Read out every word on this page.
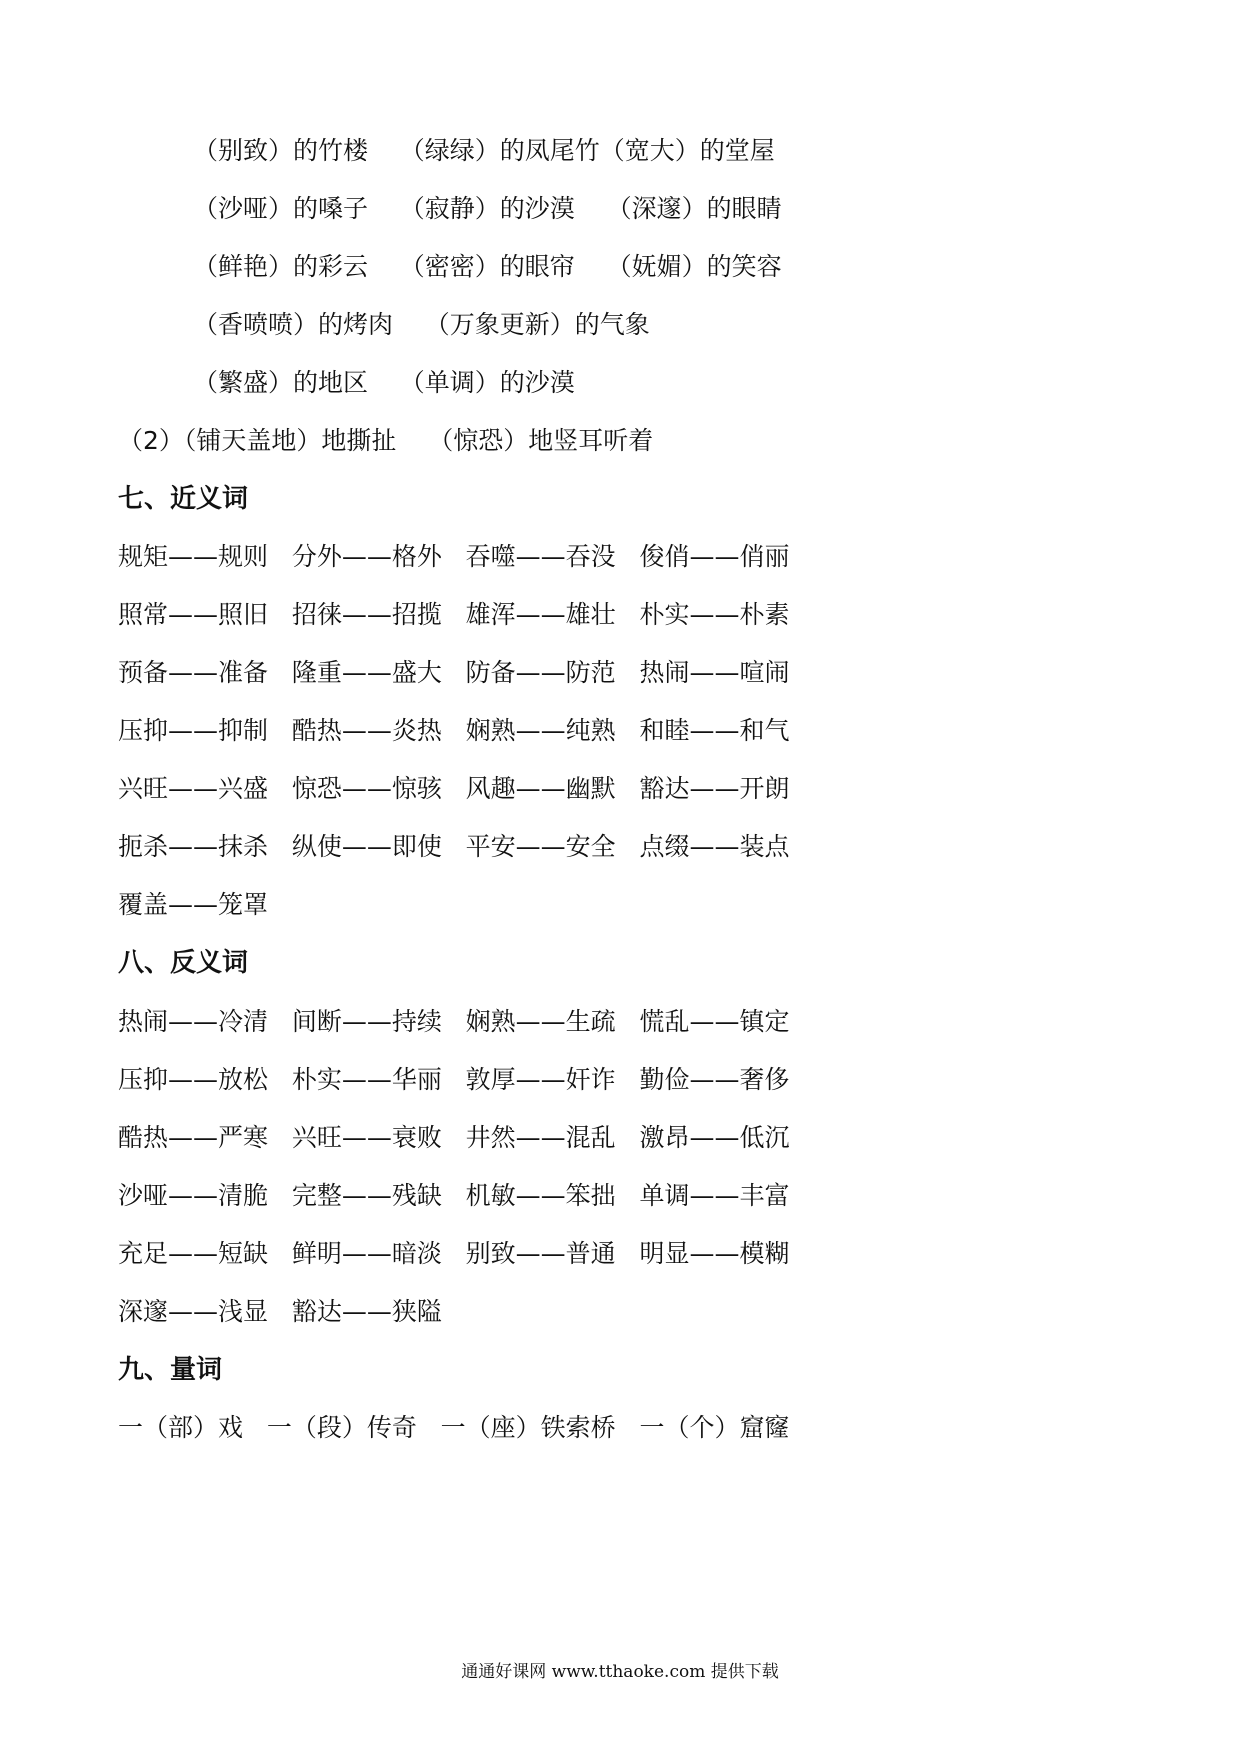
（别致）的竹楼    （绿绿）的凤尾竹（宽大）的堂屋
（沙哑）的嗓子    （寂静）的沙漠    （深邃）的眼睛
（鲜艳）的彩云    （密密）的眼帘    （妩媚）的笑容
（香喷喷）的烤肉    （万象更新）的气象
（繁盛）的地区    （单调）的沙漠
（2）（铺天盖地）地撕扯    （惊恐）地竖耳听着
七、近义词
规矩——规则   分外——格外   吞噬——吞没   俊俏——俏丽
照常——照旧   招徕——招揽   雄浑——雄壮   朴实——朴素
预备——准备   隆重——盛大   防备——防范   热闹——喧闹
压抑——抑制   酷热——炎热   娴熟——纯熟   和睦——和气
兴旺——兴盛   惊恐——惊骇   风趣——幽默   豁达——开朗
扼杀——抹杀   纵使——即使   平安——安全   点缀——装点
覆盖——笼罩
八、反义词
热闹——冷清   间断——持续   娴熟——生疏   慌乱——镇定
压抑——放松   朴实——华丽   敦厚——奸诈   勤俭——奢侈
酷热——严寒   兴旺——衰败   井然——混乱   激昂——低沉
沙哑——清脆   完整——残缺   机敏——笨拙   单调——丰富
充足——短缺   鲜明——暗淡   别致——普通   明显——模糊
深邃——浅显   豁达——狭隘
九、量词
一（部）戏   一（段）传奇   一（座）铁索桥   一（个）窟窿
通通好课网 www.tthaoke.com 提供下载
